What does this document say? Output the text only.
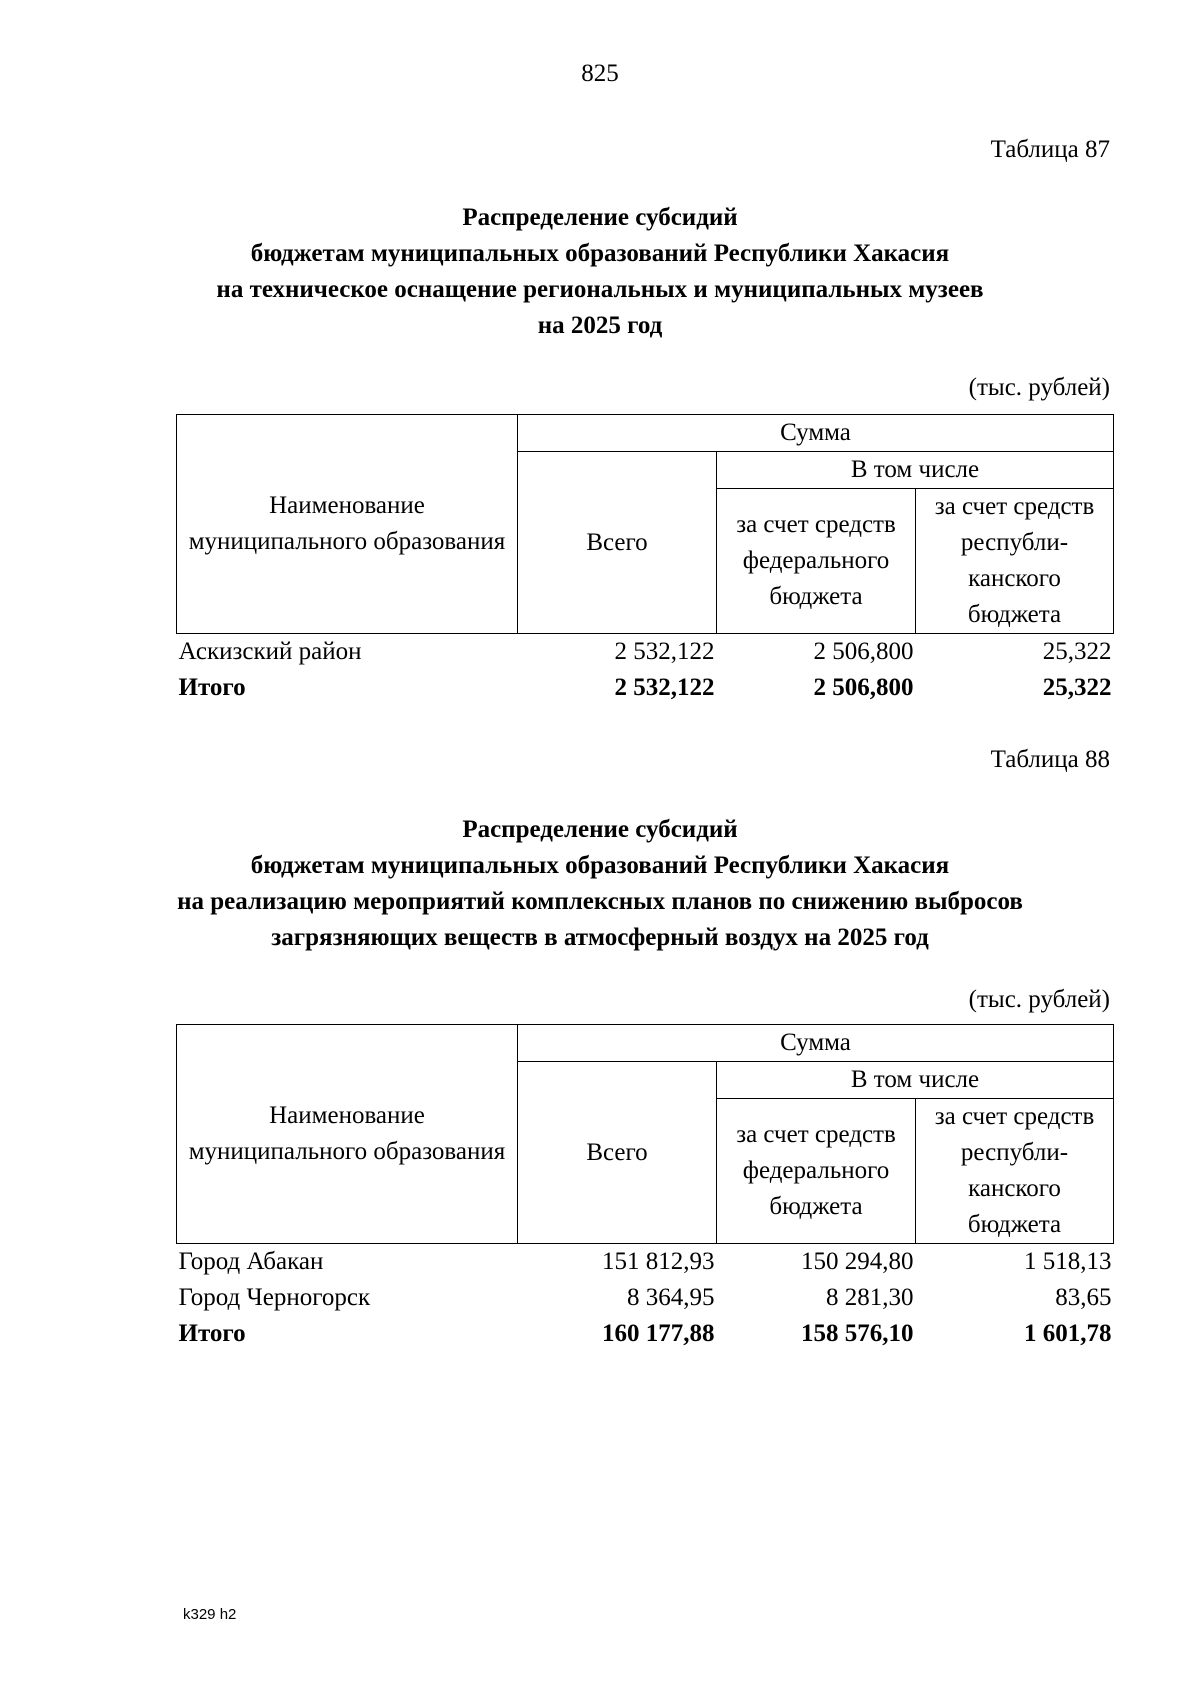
825
Таблица 87
Распределение субсидий
бюджетам муниципальных образований Республики Хакасия
на техническое оснащение региональных и муниципальных музеев
на 2025 год
(тыс. рублей)
Наименование муниципального образования	Сумма		
	Всего	В том числе	
		за счет средств федерального бюджета	за счет средств республи-канского бюджета
Аскизский район	2 532,122	2 506,800	25,322
Итого	2 532,122	2 506,800	25,322
Таблица 88
Распределение субсидий
бюджетам муниципальных образований Республики Хакасия
на реализацию мероприятий комплексных планов по снижению выбросов
загрязняющих веществ в атмосферный воздух на 2025 год
(тыс. рублей)
Наименование муниципального образования	Сумма		
	Всего	В том числе	
		за счет средств федерального бюджета	за счет средств республи-канского бюджета
Город Абакан	151 812,93	150 294,80	1 518,13
Город Черногорск	8 364,95	8 281,30	83,65
Итого	160 177,88	158 576,10	1 601,78
k329 h2
